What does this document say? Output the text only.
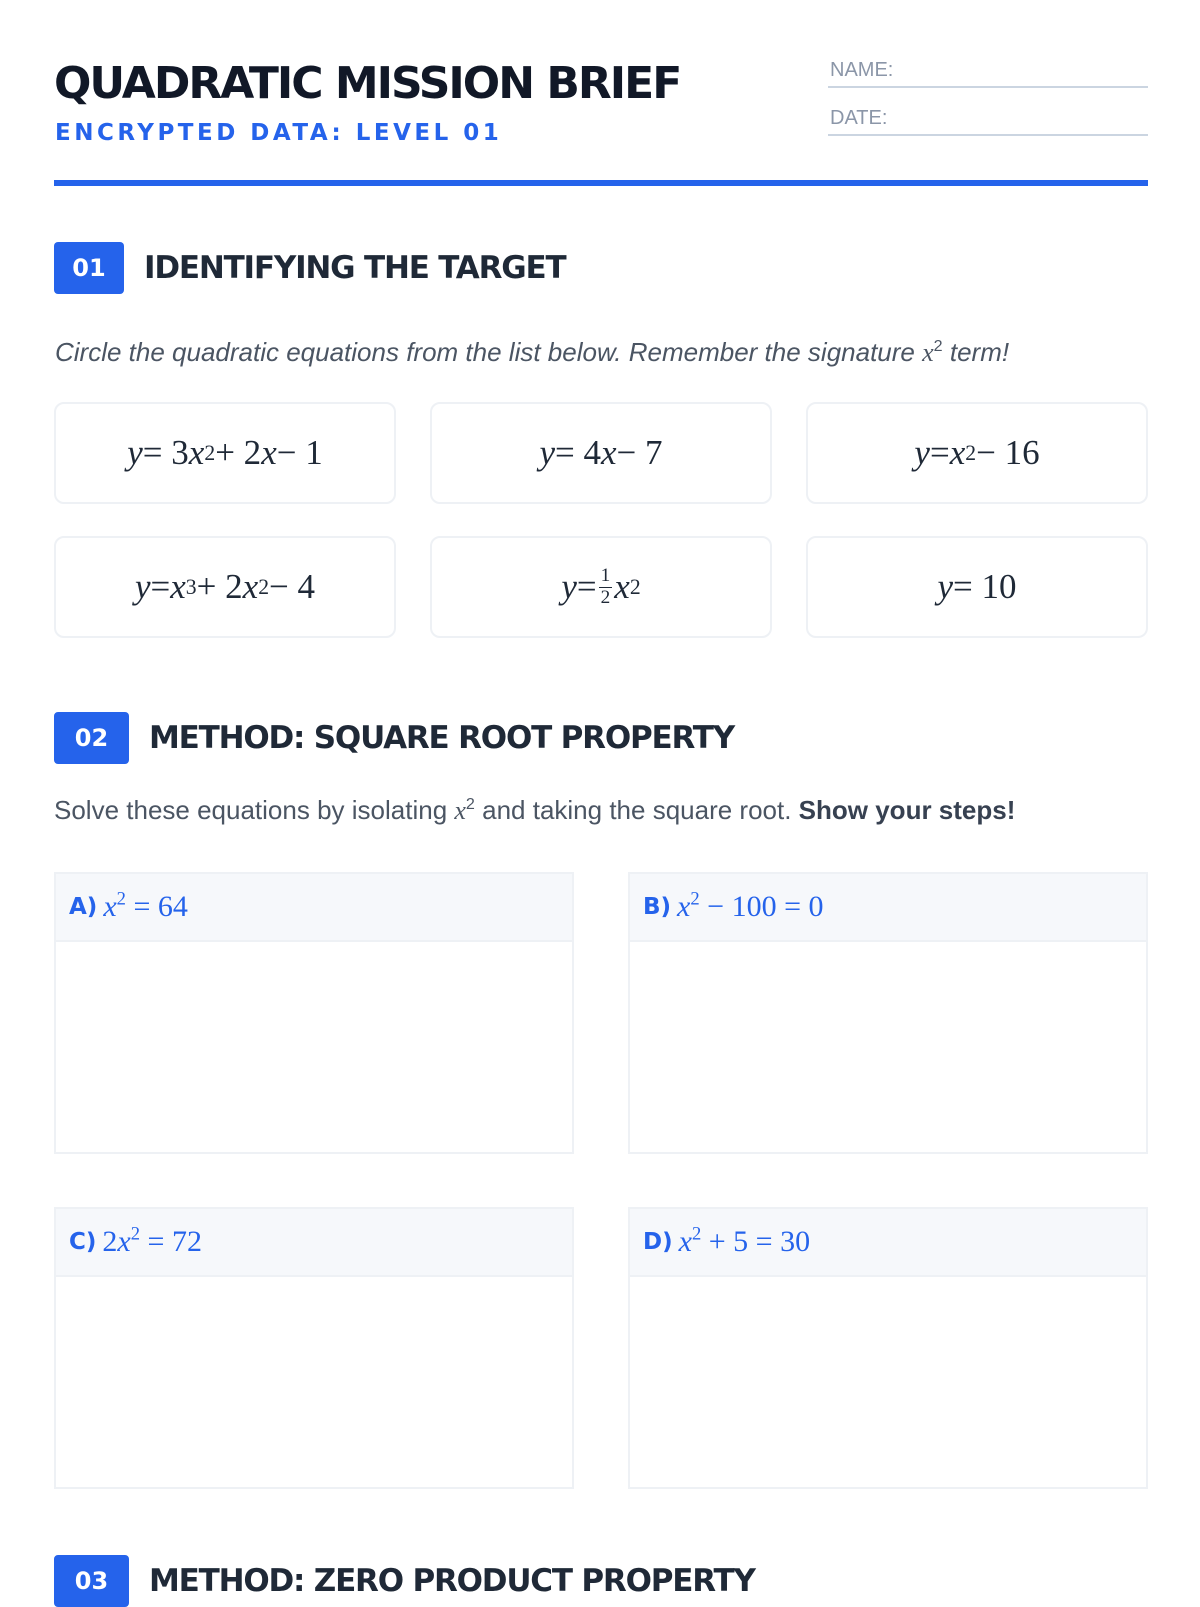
QUADRATIC MISSION BRIEF
ENCRYPTED DATA: LEVEL 01
NAME:
DATE:
01	IDENTIFYING THE TARGET
Circle the quadratic equations from the list below. Remember the signature $x^2$ term!
y = 3 x 2 + 2 x − 1	y = 4 x − 7	y = x 2 − 16
y = x 3 + 2 x 2 − 4	$y = \frac{1}{2}$ x 2	y = 10
02	METHOD: SQUARE ROOT PROPERTY
Solve these equations by isolating $x^2$ and taking the square root. Show your steps!
A) $x^2 = 64$	B) $x^2 - 100 = 0$
C) $2x^2 = 72$	D) $x^2 + 5 = 30$
03	METHOD: ZERO PRODUCT PROPERTY
